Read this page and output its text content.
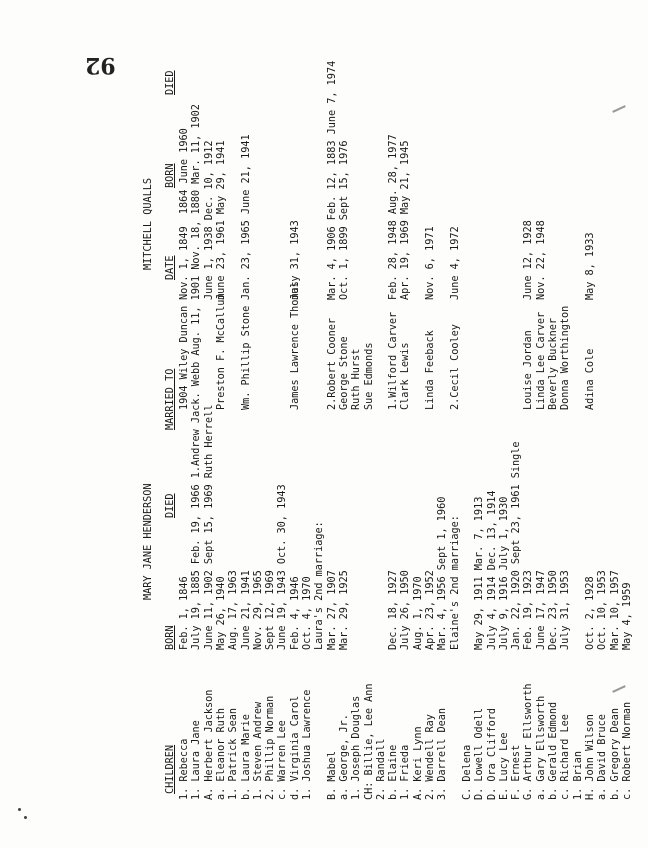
92
MARY JANE HENDERSON
MITCHELL QUALLS
CHILDREN
BORN
DIED
MARRIED TO
DATE
BORN
DIED
1. Rebecca
Feb. 1, 1846
1904 Wiley Duncan
Nov. 1, 1849  1864 June 1960
1. Laura Jane
July 19, 1885 Feb. 19, 1966 1.Andrew Jack. Webb Aug. 11, 1901 Nov. 18, 1880 Mar. 11, 1902
A. Herbert Jackson
June 11, 1902 Sept 15, 1969 Ruth Herrell
June 1, 1938 Dec. 10, 1912
a. Eleanor Ruth
May 26, 1940
Preston F. McCallum
June 23, 1961 May 29, 1941
1. Patrick Sean
Aug. 17, 1963
b. Laura Marie
June 21, 1941
Wm. Phillip Stone
Jan. 23, 1965 June 21, 1941
1. Steven Andrew
Nov. 29, 1965
2. Phillip Norman
Sept 12, 1969
c. Warren Lee
June 19, 1943 Oct. 30, 1943
d. Virginia Carol
Feb. 4, 1946
James Lawrence Thomas
July 31, 1943
1. Joshua Lawrence
Oct. 4, 1970 Laura's 2nd marriage:
B. Mabel
Mar. 27, 1907
2.Robert Cooner
Mar. 4, 1906 Feb. 12, 1883 June 7, 1974
a. George, Jr.
Mar. 29, 1925
George Stone
Oct. 1, 1899 Sept 15, 1976
1. Joseph Douglas
Ruth Hurst
CH: Billie, Lee Ann
Sue Edmonds
2. Randall b. Elaine
Dec. 18, 1927
1.Wilford Carver
Feb. 28, 1948 Aug. 28, 1977
1. Frieda
July 26, 1950
Clark Lewis
Apr. 19, 1969 May 21, 1945
A. Keri Lynn
Aug. 1, 1970
2. Wendell Ray
Apr. 23, 1952
Linda Feeback
Nov. 6, 1971
3. Darrell Dean
Mar. 4, 1956 Sept 1, 1960 Elaine's 2nd marriage:
2.Cecil Cooley
June 4, 1972
C. Delena D. Lowell Odell
May 29, 1911 Mar. 7, 1913
D. Ora Clifford
July 4, 1914 Dec. 13, 1914
E. Lucy Lee
July 9, 1916 July 1, 1930
F. Ernest
Jan. 22, 1920 Sept 23, 1961 Single
G. Arthur Ellsworth
Feb. 19, 1923
Louise Jordan
June 12, 1928
a. Gary Ellsworth
June 17, 1947
Linda Lee Carver
Nov. 22, 1948
b. Gerald Edmond
Dec. 23, 1950
Beverly Buckner
c. Richard Lee
July 31, 1953
Donna Worthington
1. Brian H. John Wilson
Oct. 2, 1928
Adina Cole
May 8, 1933
a. David Bruce
Oct. 10, 1953
b. Gregory Dean
Mar. 10, 1957
c. Robert Norman
May 4, 1959
